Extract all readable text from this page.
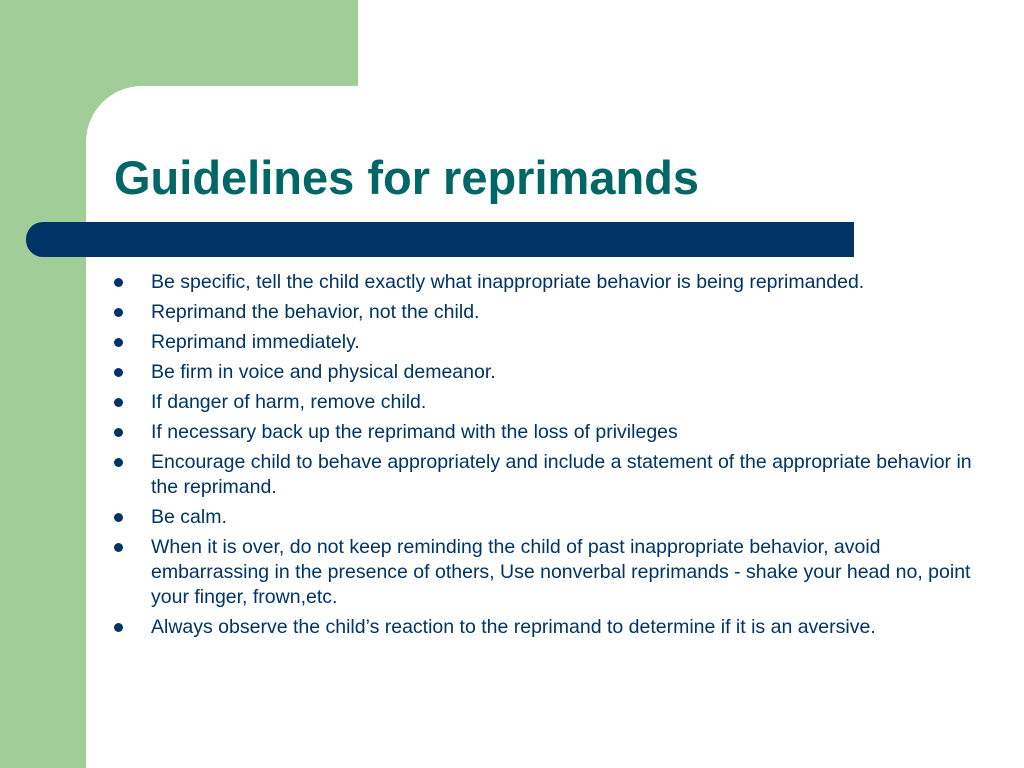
Guidelines for reprimands
Be specific, tell the child exactly what inappropriate behavior is being reprimanded.
Reprimand the behavior, not the child.
Reprimand immediately.
Be firm in voice and physical demeanor.
If danger of harm, remove child.
If necessary back up the reprimand with the loss of privileges
Encourage child to behave appropriately and include a statement of the appropriate behavior in the reprimand.
Be calm.
When it is over, do not keep reminding the child of past inappropriate behavior, avoid embarrassing in the presence of others, Use nonverbal reprimands - shake your head no, point your finger, frown,etc.
Always observe the child’s reaction to the reprimand to determine if it is an aversive.
